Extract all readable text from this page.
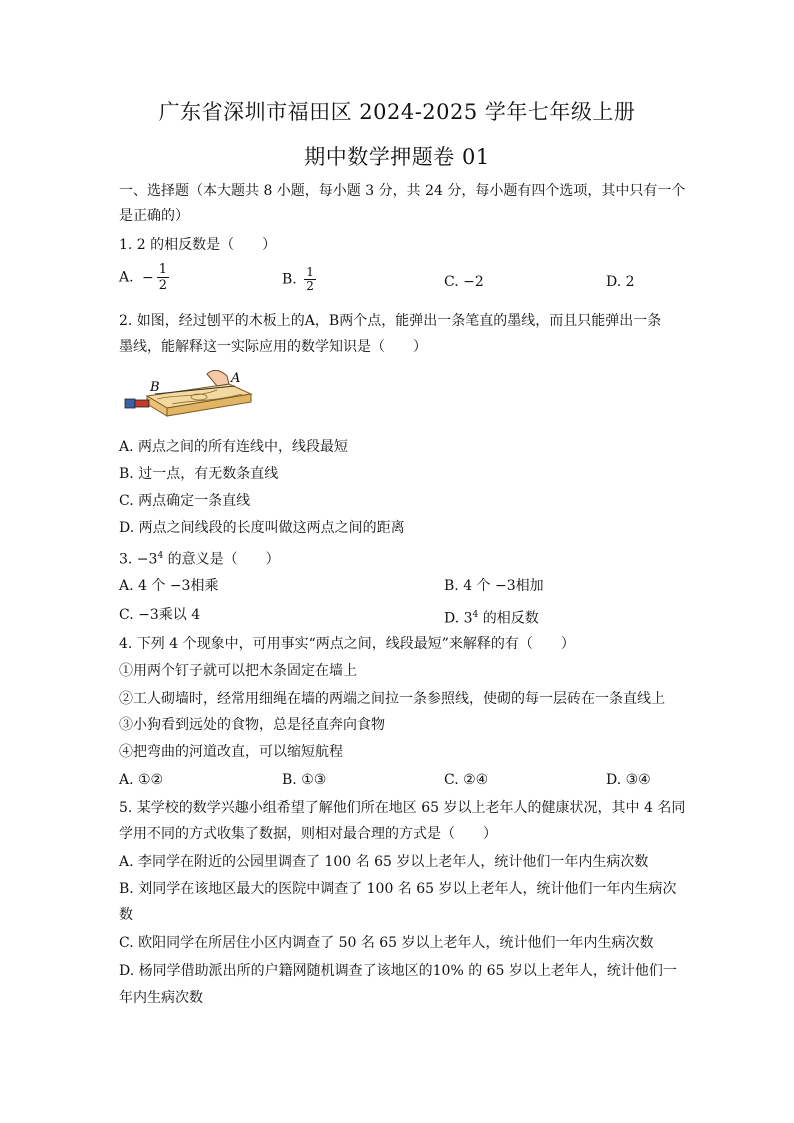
广东省深圳市福田区 2024-2025 学年七年级上册
期中数学押题卷 01
一、选择题（本大题共 8 小题，每小题 3 分，共 24 分，每小题有四个选项，其中只有一个
是正确的）
1. 2 的相反数是（　　）
A. − $\frac{1}{2}$	B. $\frac{1}{2}$	C. −2	D. 2
2. 如图，经过刨平的木板上的A，B两个点，能弹出一条笔直的墨线，而且只能弹出一条
墨线，能解释这一实际应用的数学知识是（　　）
B
A
A. 两点之间的所有连线中，线段最短
B. 过一点，有无数条直线
C. 两点确定一条直线
D. 两点之间线段的长度叫做这两点之间的距离
3. $-3^4$ 的意义是（　　）
A. 4 个 −3相乘	B. 4 个 −3相加
C. −3乘以 4	D. $3^4$ 的相反数
4. 下列 4 个现象中，可用事实“两点之间，线段最短”来解释的有（　　）
①用两个钉子就可以把木条固定在墙上
②工人砌墙时，经常用细绳在墙的两端之间拉一条参照线，使砌的每一层砖在一条直线上
③小狗看到远处的食物，总是径直奔向食物
④把弯曲的河道改直，可以缩短航程
A. ①②	B. ①③	C. ②④	D. ③④
5. 某学校的数学兴趣小组希望了解他们所在地区 65 岁以上老年人的健康状况，其中 4 名同
学用不同的方式收集了数据，则相对最合理的方式是（　　）
A. 李同学在附近的公园里调查了 100 名 65 岁以上老年人，统计他们一年内生病次数
B. 刘同学在该地区最大的医院中调查了 100 名 65 岁以上老年人，统计他们一年内生病次
数
C. 欧阳同学在所居住小区内调查了 50 名 65 岁以上老年人，统计他们一年内生病次数
D. 杨同学借助派出所的户籍网随机调查了该地区的10% 的 65 岁以上老年人，统计他们一
年内生病次数
